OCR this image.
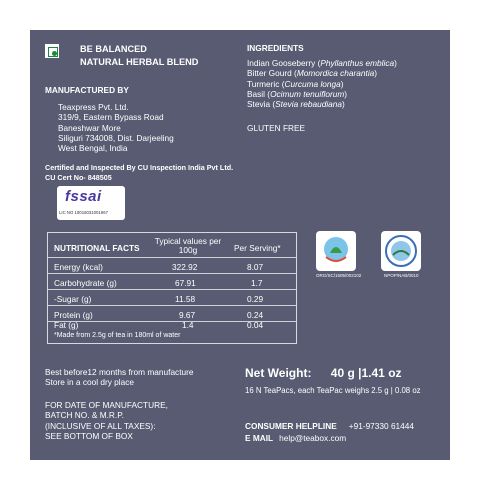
BE BALANCED
NATURAL HERBAL BLEND
MANUFACTURED BY
Teaxpress Pvt. Ltd.
319/9, Eastern Bypass Road
Baneshwar More
Siliguri 734008, Dist. Darjeeling
West Bengal, India
Certified and Inspected By CU Inspection India Pvt Ltd.
CU Cert No- 848505
fssai
LIC NO 10016031001967
INGREDIENTS
Indian Gooseberry (Phyllanthus emblica)
Bitter Gourd (Momordica charantia)
Turmeric (Curcuma longa)
Basil (Ocimum tenuiflorum)
Stevia (Stevia rebaudiana)
GLUTEN FREE
NUTRITIONAL FACTS
Typical values per 100g	Per Serving*
Energy (kcal)	322.92	8.07
Carbohydrate (g)	67.91	1.7
-Sugar (g)	11.58	0.29
Protein (g)	9.67	0.24
Fat (g)	1.4	0.04
*Made from 2.5g of tea in 180ml of water
ORG/SC/1605/002102	NPOP/NAB/0010
Best before12 months from manufacture
Store in a cool dry place
FOR DATE OF MANUFACTURE,
BATCH NO. & M.R.P.
(INCLUSIVE OF ALL TAXES):
SEE BOTTOM OF BOX
Net Weight: 40 g |1.41 oz
16 N TeaPacs, each TeaPac weighs 2.5 g | 0.08 oz
CONSUMER HELPLINE +91-97330 61444
E MAIL help@teabox.com
